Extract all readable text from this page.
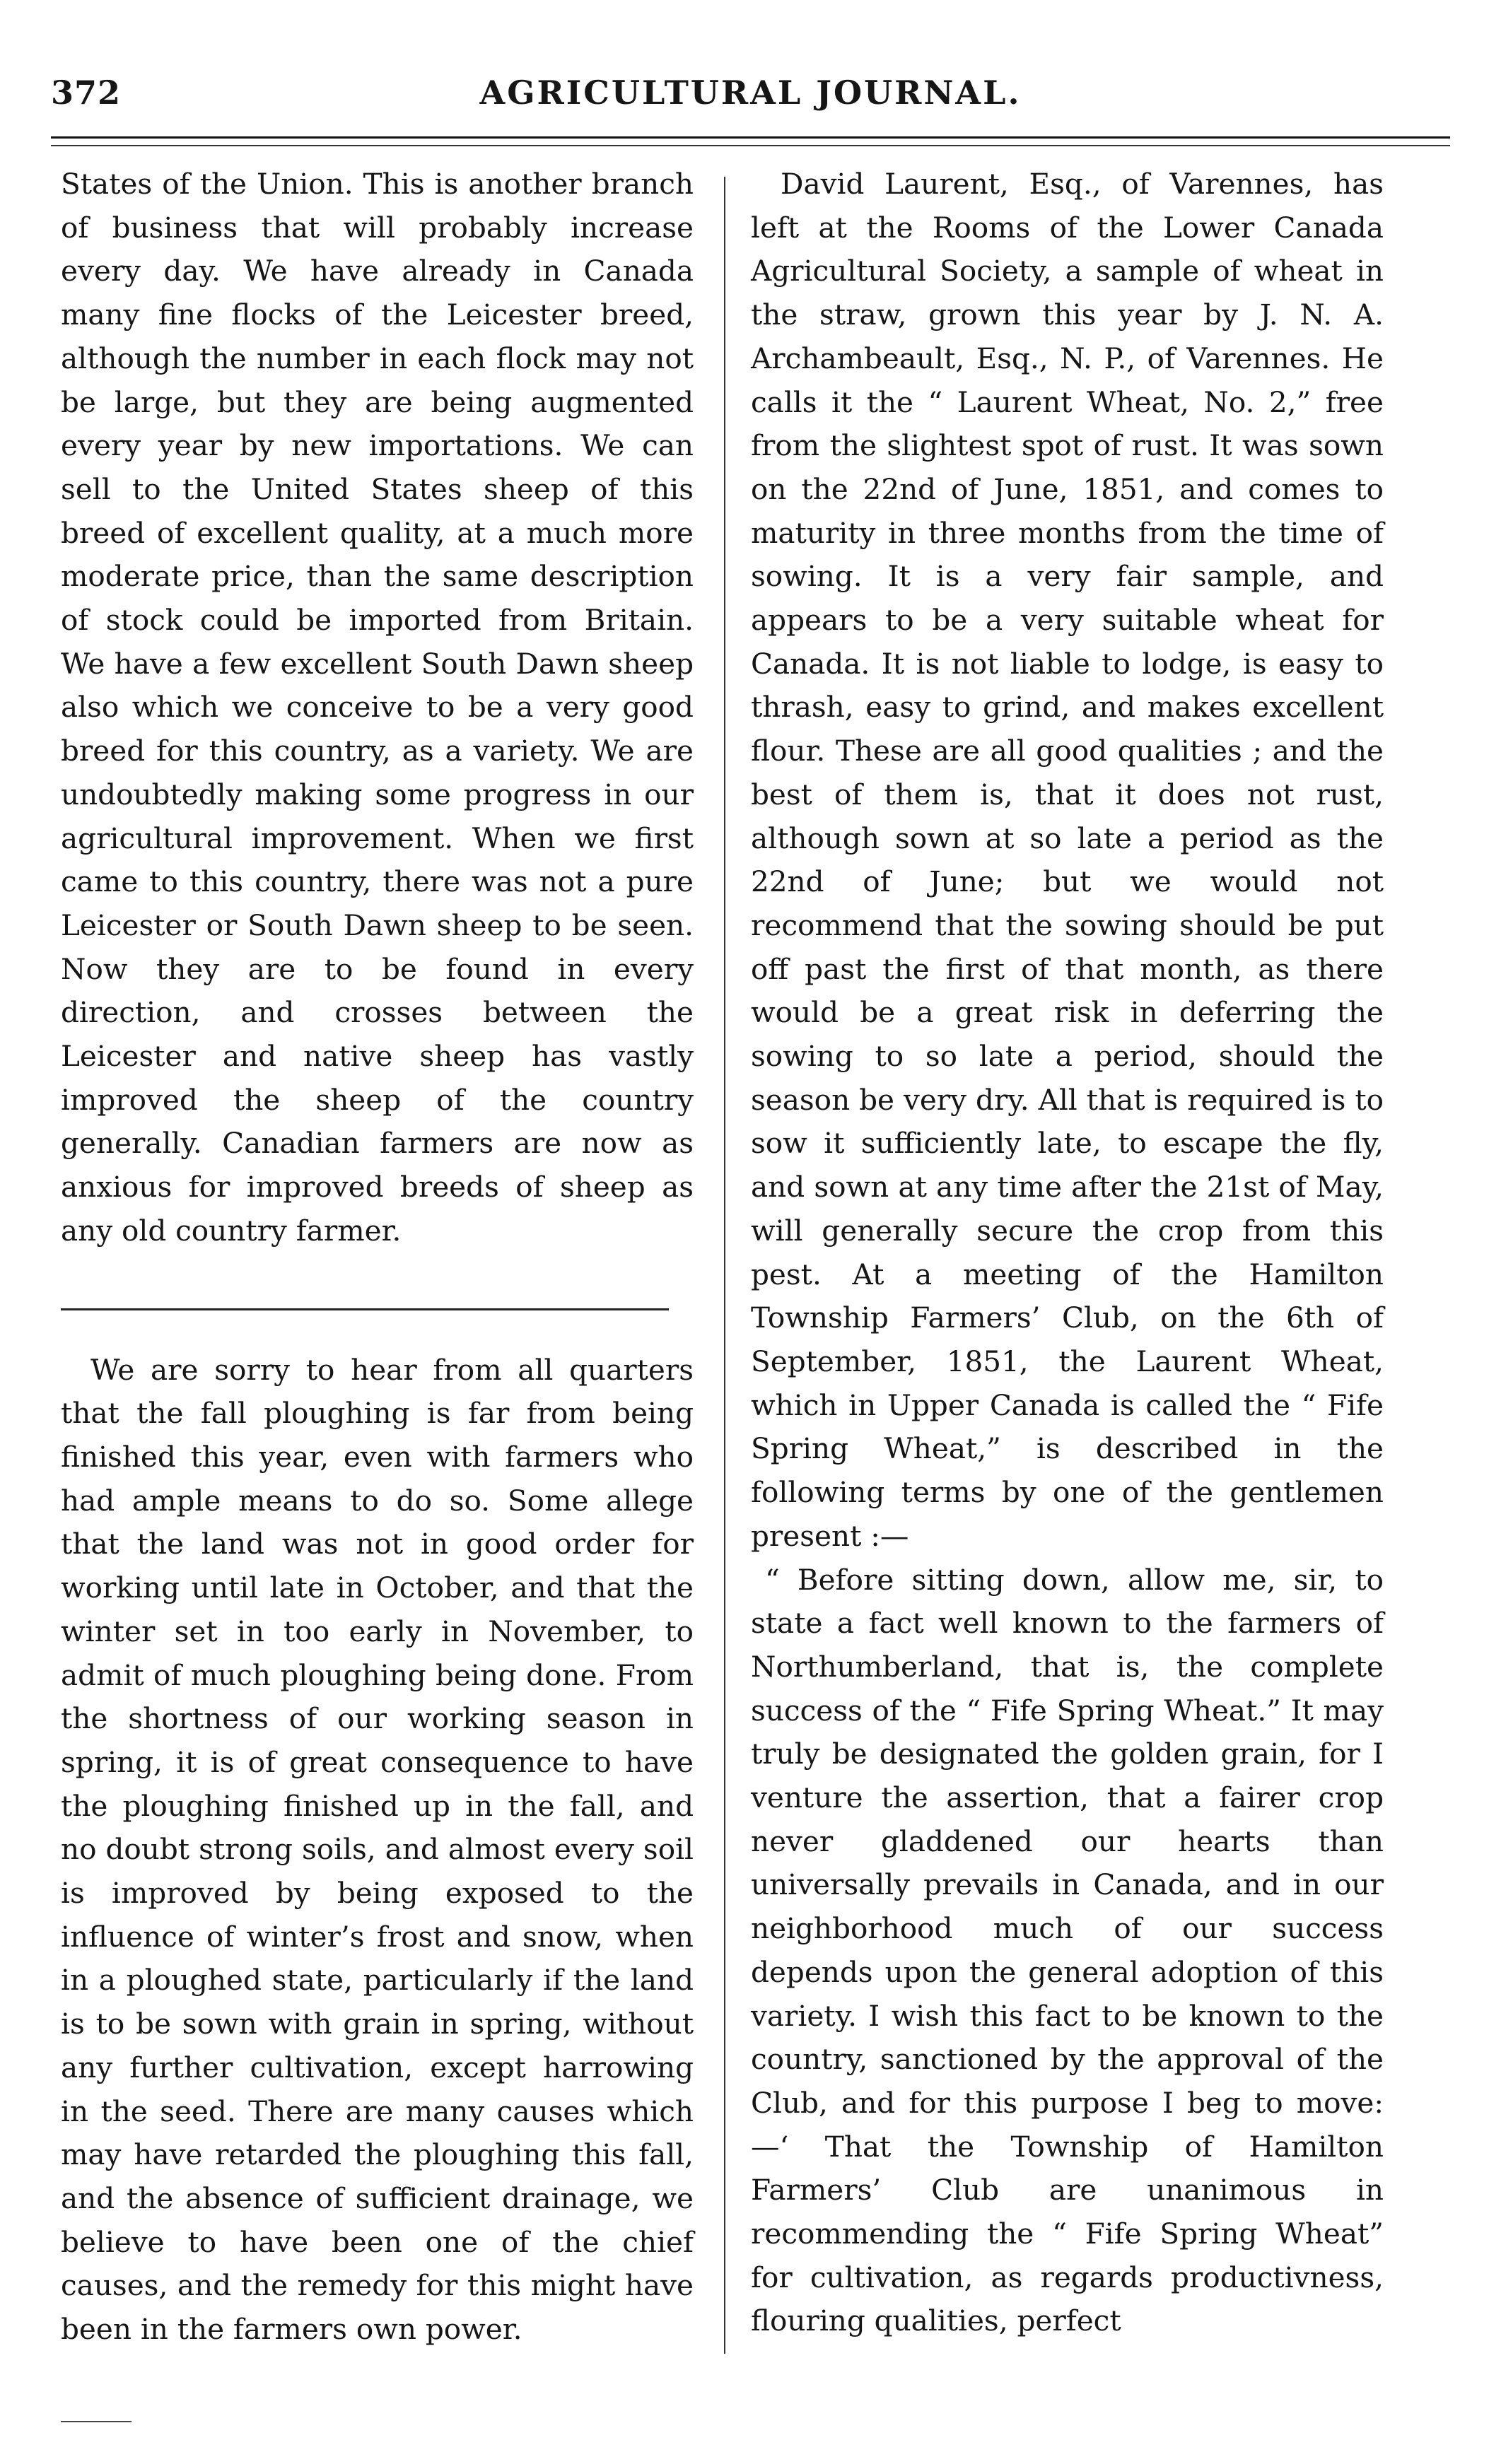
372	AGRICULTURAL JOURNAL.

States of the Union. This is another branch of business that will probably increase every day. We have already in Canada many fine flocks of the Leicester breed, although the number in each flock may not be large, but they are being augmented every year by new importations. We can sell to the United States sheep of this breed of excellent quality, at a much more moderate price, than the same description of stock could be imported from Britain. We have a few excellent South Dawn sheep also which we conceive to be a very good breed for this country, as a variety. We are undoubtedly making some progress in our agricultural improvement. When we first came to this country, there was not a pure Leicester or South Dawn sheep to be seen. Now they are to be found in every direction, and crosses between the Leicester and native sheep has vastly improved the sheep of the country generally. Canadian farmers are now as anxious for improved breeds of sheep as any old country farmer.

We are sorry to hear from all quarters that the fall ploughing is far from being finished this year, even with farmers who had ample means to do so. Some allege that the land was not in good order for working until late in October, and that the winter set in too early in November, to admit of much ploughing being done. From the shortness of our working season in spring, it is of great consequence to have the ploughing finished up in the fall, and no doubt strong soils, and almost every soil is improved by being exposed to the influence of winter’s frost and snow, when in a ploughed state, particularly if the land is to be sown with grain in spring, without any further cultivation, except harrowing in the seed. There are many causes which may have retarded the ploughing this fall, and the absence of sufficient drainage, we believe to have been one of the chief causes, and the remedy for this might have been in the farmers own power.

David Laurent, Esq., of Varennes, has left at the Rooms of the Lower Canada Agricultural Society, a sample of wheat in the straw, grown this year by J. N. A. Archambeault, Esq., N. P., of Varennes. He calls it the “ Laurent Wheat, No. 2,” free from the slightest spot of rust. It was sown on the 22nd of June, 1851, and comes to maturity in three months from the time of sowing. It is a very fair sample, and appears to be a very suitable wheat for Canada. It is not liable to lodge, is easy to thrash, easy to grind, and makes excellent flour. These are all good qualities ; and the best of them is, that it does not rust, although sown at so late a period as the 22nd of June; but we would not recommend that the sowing should be put off past the first of that month, as there would be a great risk in deferring the sowing to so late a period, should the season be very dry. All that is required is to sow it sufficiently late, to escape the fly, and sown at any time after the 21st of May, will generally secure the crop from this pest. At a meeting of the Hamilton Township Farmers’ Club, on the 6th of September, 1851, the Laurent Wheat, which in Upper Canada is called the “ Fife Spring Wheat,” is described in the following terms by one of the gentlemen present :—

“ Before sitting down, allow me, sir, to state a fact well known to the farmers of Northumberland, that is, the complete success of the “ Fife Spring Wheat.” It may truly be designated the golden grain, for I venture the assertion, that a fairer crop never gladdened our hearts than universally prevails in Canada, and in our neighborhood much of our success depends upon the general adoption of this variety. I wish this fact to be known to the country, sanctioned by the approval of the Club, and for this purpose I beg to move:—‘ That the Township of Hamilton Farmers’ Club are unanimous in recommending the “ Fife Spring Wheat” for cultivation, as regards productivness, flouring qualities, perfect
